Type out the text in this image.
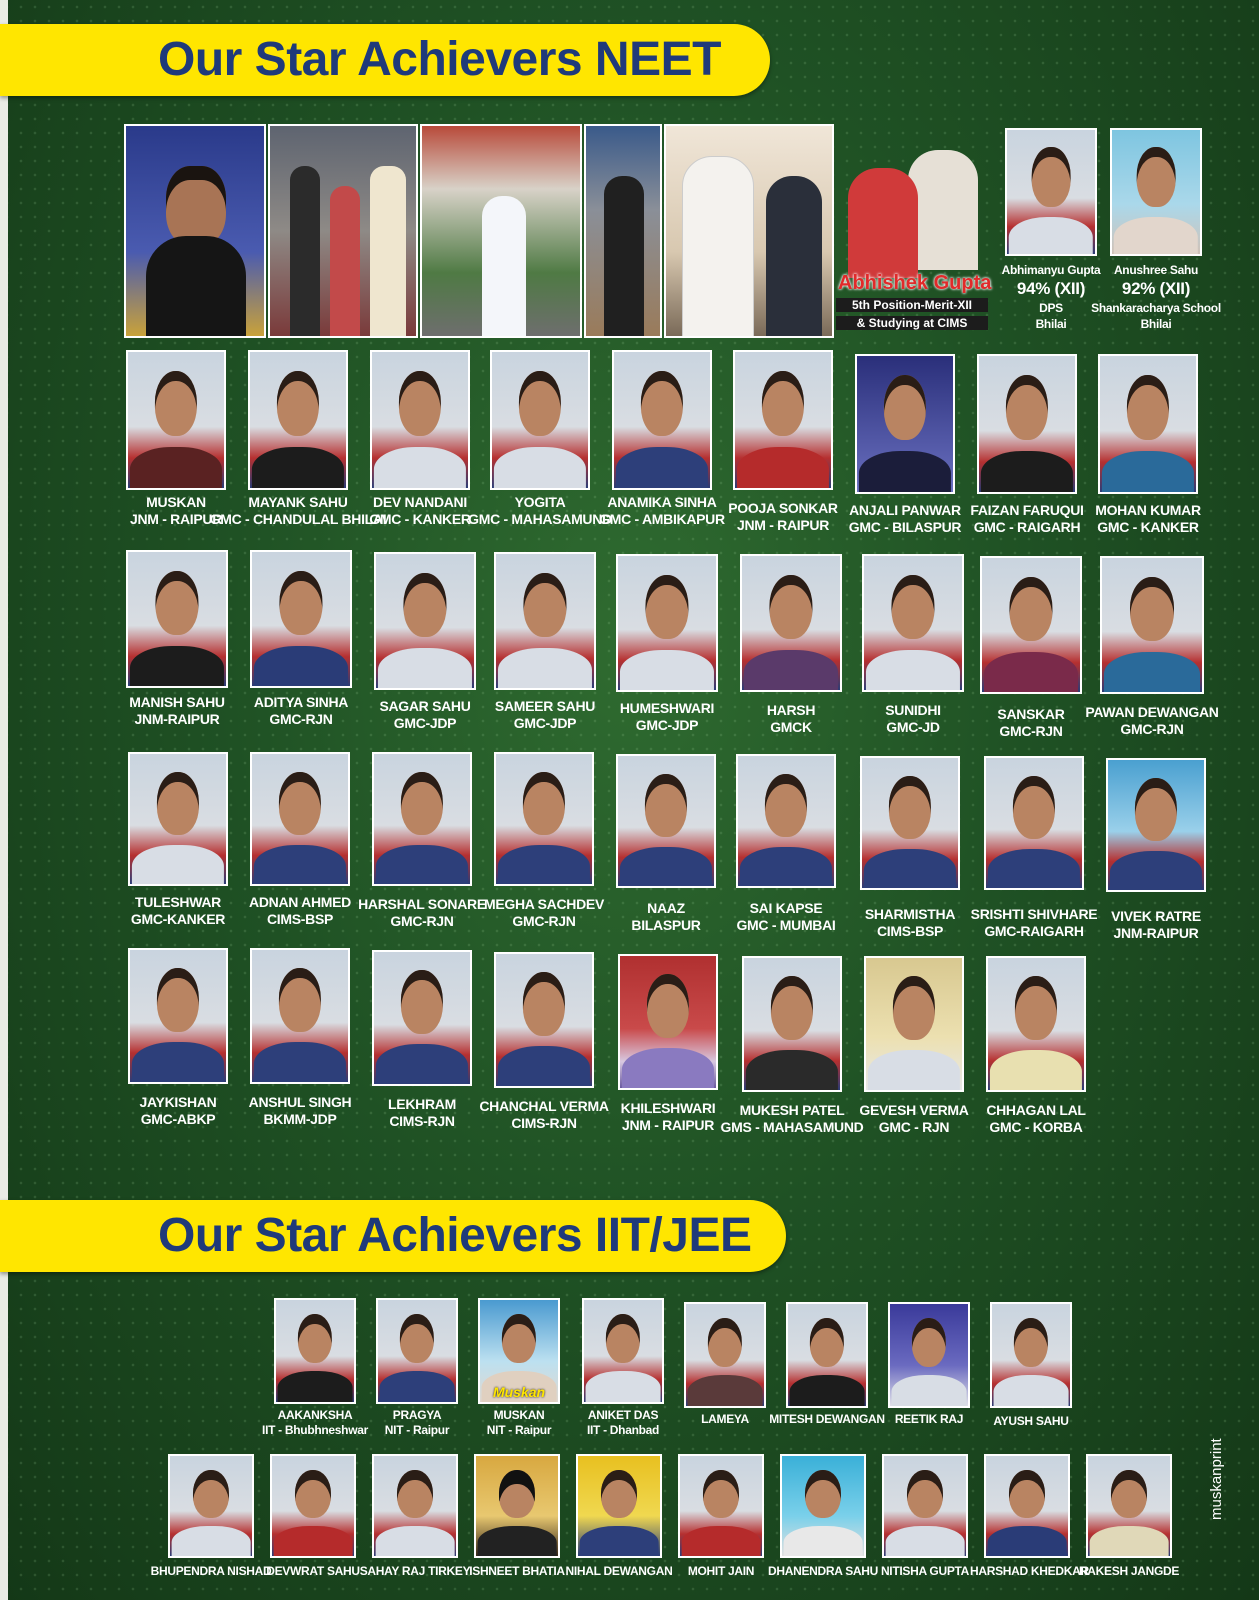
Our Star Achievers NEET
Abhishek Gupta
5th Position-Merit-XII
& Studying at CIMS
Abhimanyu Gupta
94% (XII)
DPS
Bhilai
Anushree Sahu
92% (XII)
Shankaracharya School
Bhilai
MUSKAN
JNM - RAIPUR
MAYANK SAHU
GMC - CHANDULAL BHILAI
DEV NANDANI
GMC - KANKER
YOGITA
GMC - MAHASAMUND
ANAMIKA SINHA
GMC - AMBIKAPUR
POOJA SONKAR
JNM - RAIPUR
ANJALI PANWAR
GMC - BILASPUR
FAIZAN FARUQUI
GMC - RAIGARH
MOHAN KUMAR
GMC - KANKER
MANISH SAHU
JNM-RAIPUR
ADITYA SINHA
GMC-RJN
SAGAR SAHU
GMC-JDP
SAMEER SAHU
GMC-JDP
HUMESHWARI
GMC-JDP
HARSH
GMCK
SUNIDHI
GMC-JD
SANSKAR
GMC-RJN
PAWAN DEWANGAN
GMC-RJN
TULESHWAR
GMC-KANKER
ADNAN AHMED
CIMS-BSP
HARSHAL SONARE
GMC-RJN
MEGHA SACHDEV
GMC-RJN
NAAZ
BILASPUR
SAI KAPSE
GMC - MUMBAI
SHARMISTHA
CIMS-BSP
SRISHTI SHIVHARE
GMC-RAIGARH
VIVEK RATRE
JNM-RAIPUR
JAYKISHAN
GMC-ABKP
ANSHUL SINGH
BKMM-JDP
LEKHRAM
CIMS-RJN
CHANCHAL VERMA
CIMS-RJN
KHILESHWARI
JNM - RAIPUR
MUKESH PATEL
GMS - MAHASAMUND
GEVESH VERMA
GMC - RJN
CHHAGAN LAL
GMC - KORBA
Our Star Achievers IIT/JEE
AAKANKSHA
IIT - Bhubhneshwar
PRAGYA
NIT - Raipur
Muskan
MUSKAN
NIT - Raipur
ANIKET DAS
IIT - Dhanbad
LAMEYA	MITESH DEWANGAN REETIK RAJ	AYUSH SAHU
BHUPENDRA NISHAD
DEVWRAT SAHU SAHAY RAJ TIRKEY
ISHNEET BHATIA NIHAL DEWANGAN	MOHIT JAIN	DHANENDRA SAHU NITISHA GUPTA HARSHAD KHEDKAR
RAKESH JANGDE
muskanprint
